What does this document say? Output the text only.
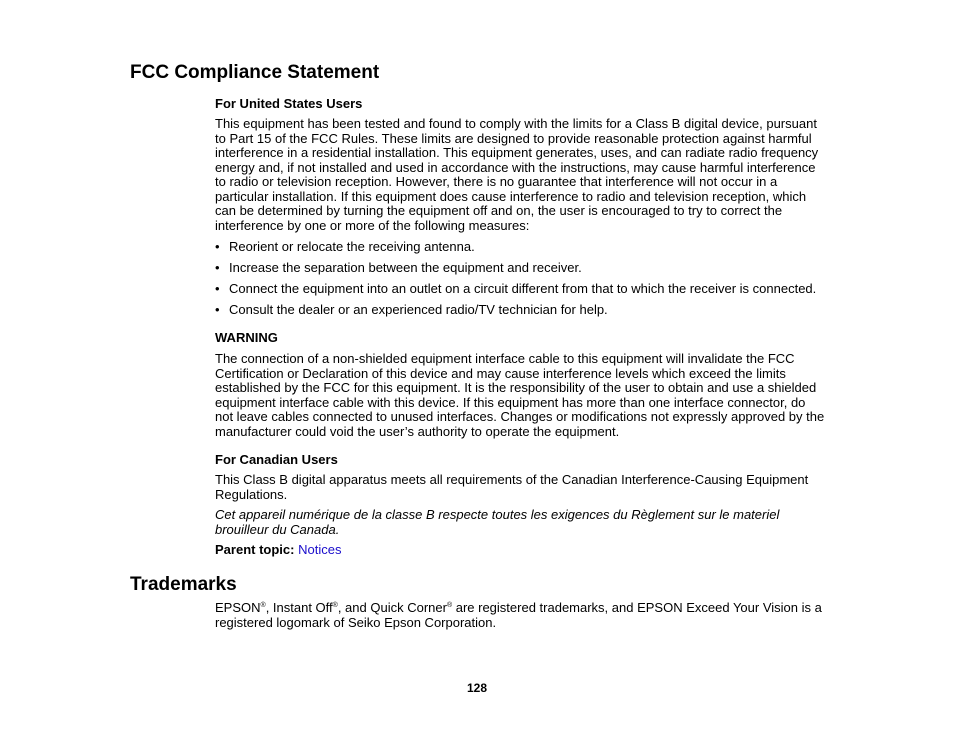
FCC Compliance Statement
For United States Users

This equipment has been tested and found to comply with the limits for a Class B digital device, pursuant to Part 15 of the FCC Rules. These limits are designed to provide reasonable protection against harmful interference in a residential installation. This equipment generates, uses, and can radiate radio frequency energy and, if not installed and used in accordance with the instructions, may cause harmful interference to radio or television reception. However, there is no guarantee that interference will not occur in a particular installation. If this equipment does cause interference to radio and television reception, which can be determined by turning the equipment off and on, the user is encouraged to try to correct the interference by one or more of the following measures:

• Reorient or relocate the receiving antenna.
• Increase the separation between the equipment and receiver.
• Connect the equipment into an outlet on a circuit different from that to which the receiver is connected.
• Consult the dealer or an experienced radio/TV technician for help.
WARNING

The connection of a non-shielded equipment interface cable to this equipment will invalidate the FCC Certification or Declaration of this device and may cause interference levels which exceed the limits established by the FCC for this equipment. It is the responsibility of the user to obtain and use a shielded equipment interface cable with this device. If this equipment has more than one interface connector, do not leave cables connected to unused interfaces. Changes or modifications not expressly approved by the manufacturer could void the user’s authority to operate the equipment.

For Canadian Users

This Class B digital apparatus meets all requirements of the Canadian Interference-Causing Equipment Regulations.

Cet appareil numérique de la classe B respecte toutes les exigences du Règlement sur le materiel brouilleur du Canada.

Parent topic: Notices

Trademarks

EPSON®, Instant Off®, and Quick Corner® are registered trademarks, and EPSON Exceed Your Vision is a registered logomark of Seiko Epson Corporation.

128
